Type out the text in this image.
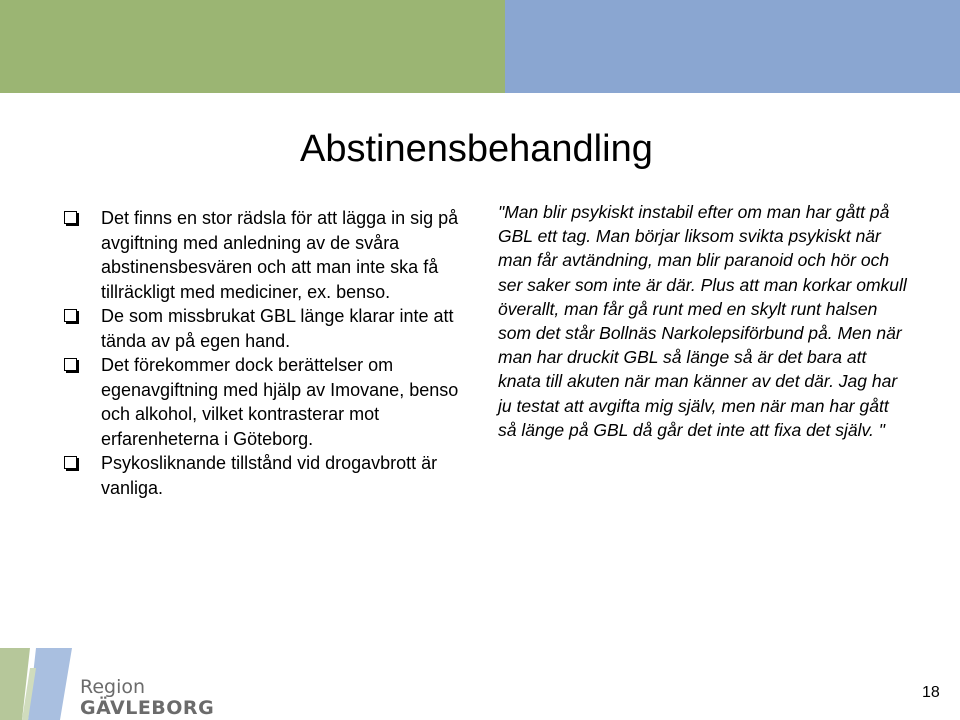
Abstinensbehandling
Det finns en stor rädsla för att lägga in sig på avgiftning med anledning av de svåra abstinensbesvären och att man inte ska få tillräckligt med mediciner, ex. benso.
De som missbrukat GBL länge klarar inte att tända av på egen hand.
Det förekommer dock berättelser om egenavgiftning med hjälp av Imovane, benso och alkohol, vilket kontrasterar mot erfarenheterna i Göteborg.
Psykosliknande tillstånd vid drogavbrott är vanliga.

"Man blir psykiskt instabil efter om man har gått på GBL ett tag. Man börjar liksom svikta psykiskt när man får avtändning, man blir paranoid och hör och ser saker som inte är där. Plus att man korkar omkull överallt, man får gå runt med en skylt runt halsen som det står Bollnäs Narkolepsiförbund på. Men när man har druckit GBL så länge så är det bara att knata till akuten när man känner av det där. Jag har ju testat att avgifta mig själv, men när man har gått så länge på GBL då går det inte att fixa det själv. "

Region
GÄVLEBORG
18
